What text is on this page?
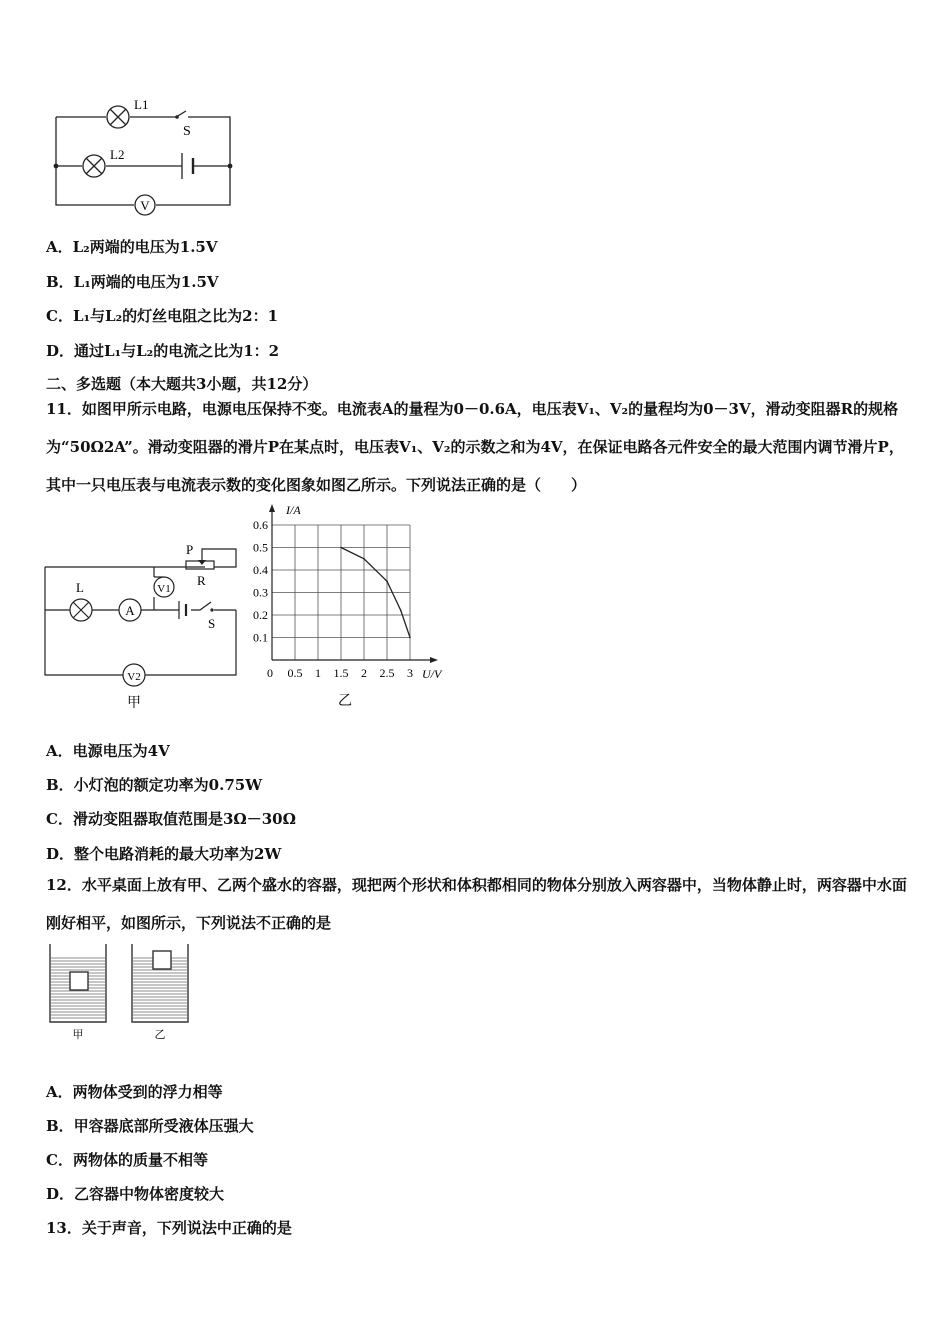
L1
S
L2
V
A．L₂两端的电压为1.5V
B．L₁两端的电压为1.5V
C．L₁与L₂的灯丝电阻之比为2：1
D．通过L₁与L₂的电流之比为1：2
二、多选题（本大题共3小题，共12分）
11．如图甲所示电路，电源电压保持不变。电流表A的量程为0－0.6A，电压表V₁、V₂的量程均为0－3V，滑动变阻器R的规格为“50Ω2A”。滑动变阻器的滑片P在某点时，电压表V₁、V₂的示数之和为4V，在保证电路各元件安全的最大范围内调节滑片P，其中一只电压表与电流表示数的变化图象如图乙所示。下列说法正确的是（　　）
P
R
L	V1
A
S
V2
甲
0 0.5 1 1.5 2 2.5 3
0.1
0.2
0.3
0.4
0.5
0.6
I/A
U/V
乙
A．电源电压为4V
B．小灯泡的额定功率为0.75W
C．滑动变阻器取值范围是3Ω－30Ω
D．整个电路消耗的最大功率为2W
12．水平桌面上放有甲、乙两个盛水的容器，现把两个形状和体积都相同的物体分别放入两容器中，当物体静止时，两容器中水面刚好相平，如图所示，下列说法不正确的是
甲	乙
A．两物体受到的浮力相等
B．甲容器底部所受液体压强大
C．两物体的质量不相等
D．乙容器中物体密度较大
13．关于声音，下列说法中正确的是
